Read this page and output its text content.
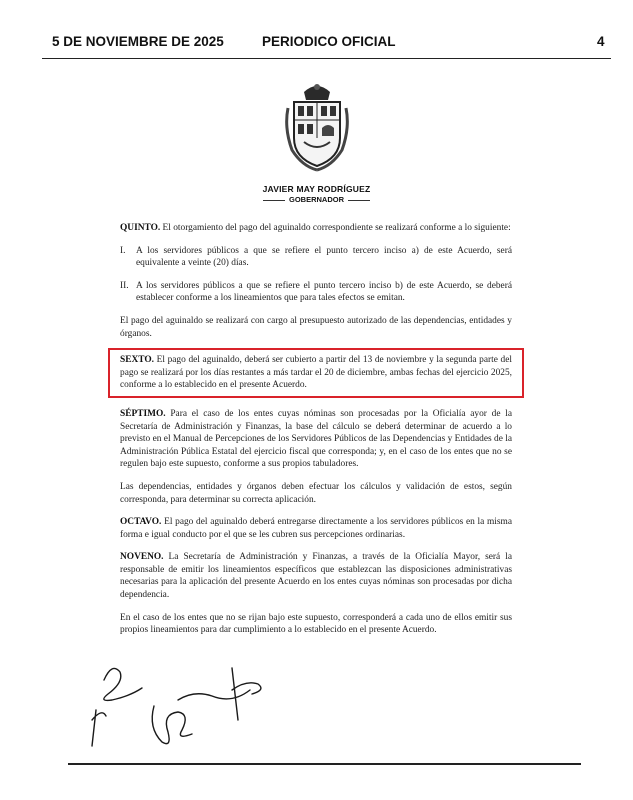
5 DE NOVIEMBRE DE 2025	PERIODICO OFICIAL	4
JAVIER MAY RODRÍGUEZ
GOBERNADOR

QUINTO. El otorgamiento del pago del aguinaldo correspondiente se realizará conforme a lo siguiente:

I.	A los servidores públicos a que se refiere el punto tercero inciso a) de este Acuerdo, será equivalente a veinte (20) días.
II. A los servidores públicos a que se refiere el punto tercero inciso b) de este Acuerdo, se deberá establecer conforme a los lineamientos que para tales efectos se emitan.

El pago del aguinaldo se realizará con cargo al presupuesto autorizado de las dependencias, entidades y órganos.

SEXTO. El pago del aguinaldo, deberá ser cubierto a partir del 13 de noviembre y la segunda parte del pago se realizará por los días restantes a más tardar el 20 de diciembre, ambas fechas del ejercicio 2025, conforme a lo establecido en el presente Acuerdo.

SÉPTIMO. Para el caso de los entes cuyas nóminas son procesadas por la Oficialía ayor de la Secretaría de Administración y Finanzas, la base del cálculo se deberá determinar de acuerdo a lo previsto en el Manual de Percepciones de los Servidores Públicos de las Dependencias y Entidades de la Administración Pública Estatal del ejercicio fiscal que corresponda; y, en el caso de los entes que no se regulen bajo este supuesto, conforme a sus propios tabuladores.

Las dependencias, entidades y órganos deben efectuar los cálculos y validación de estos, según corresponda, para determinar su correcta aplicación.

OCTAVO. El pago del aguinaldo deberá entregarse directamente a los servidores públicos en la misma forma e igual conducto por el que se les cubren sus percepciones ordinarias.

NOVENO. La Secretaría de Administración y Finanzas, a través de la Oficialía Mayor, será la responsable de emitir los lineamientos específicos que establezcan las disposiciones administrativas necesarias para la aplicación del presente Acuerdo en los entes cuyas nóminas son procesadas por dicha dependencia.

En el caso de los entes que no se rijan bajo este supuesto, corresponderá a cada uno de ellos emitir sus propios lineamientos para dar cumplimiento a lo establecido en el presente Acuerdo.
